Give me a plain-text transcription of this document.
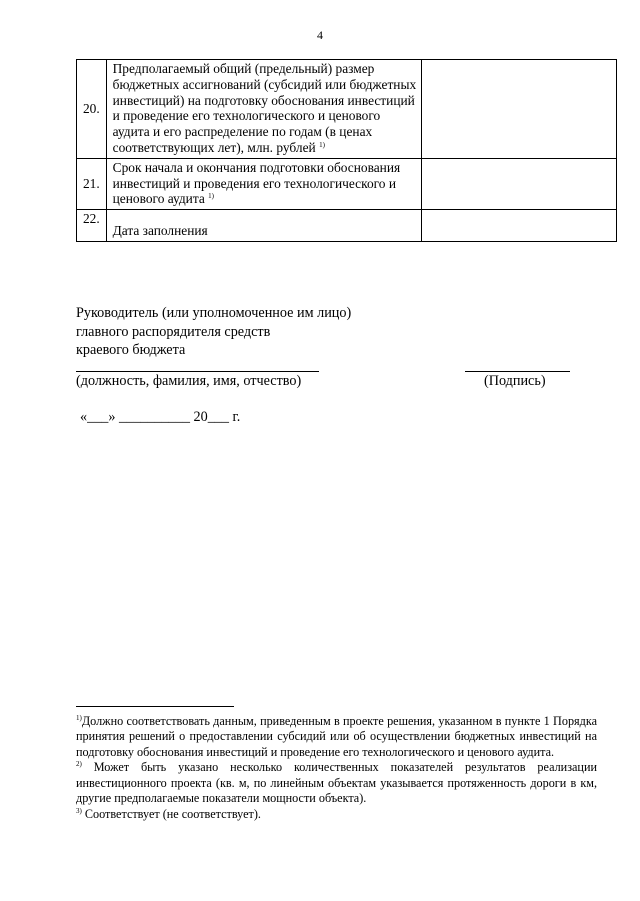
4
20.	Предполагаемый общий (предельный) размер бюджетных ассигнований (субсидий или бюджетных инвестиций) на подготовку обоснования инвестиций и проведение его технологического и ценового аудита и его распределение по годам (в ценах соответствующих лет), млн. рублей $^{1)}$	
21.	Срок начала и окончания подготовки обоснования инвестиций и проведения его технологического и ценового аудита $^{1)}$	
22.	Дата заполнения	
Руководитель (или уполномоченное им лицо)
главного распорядителя средств
краевого бюджета
(должность, фамилия, имя, отчество)	(Подпись)
«___» __________ 20___ г.

$^{1)}$Должно соответствовать данным, приведенным в проекте решения, указанном в пункте 1 Порядка принятия решений о предоставлении субсидий или об осуществлении бюджетных инвестиций на подготовку обоснования инвестиций и проведение его технологического и ценового аудита.

$^{2)}$ Может быть указано несколько количественных показателей результатов реализации инвестиционного проекта (кв. м, по линейным объектам указывается протяженность дороги в км, другие предполагаемые показатели мощности объекта).

$^{3)}$ Соответствует (не соответствует).
